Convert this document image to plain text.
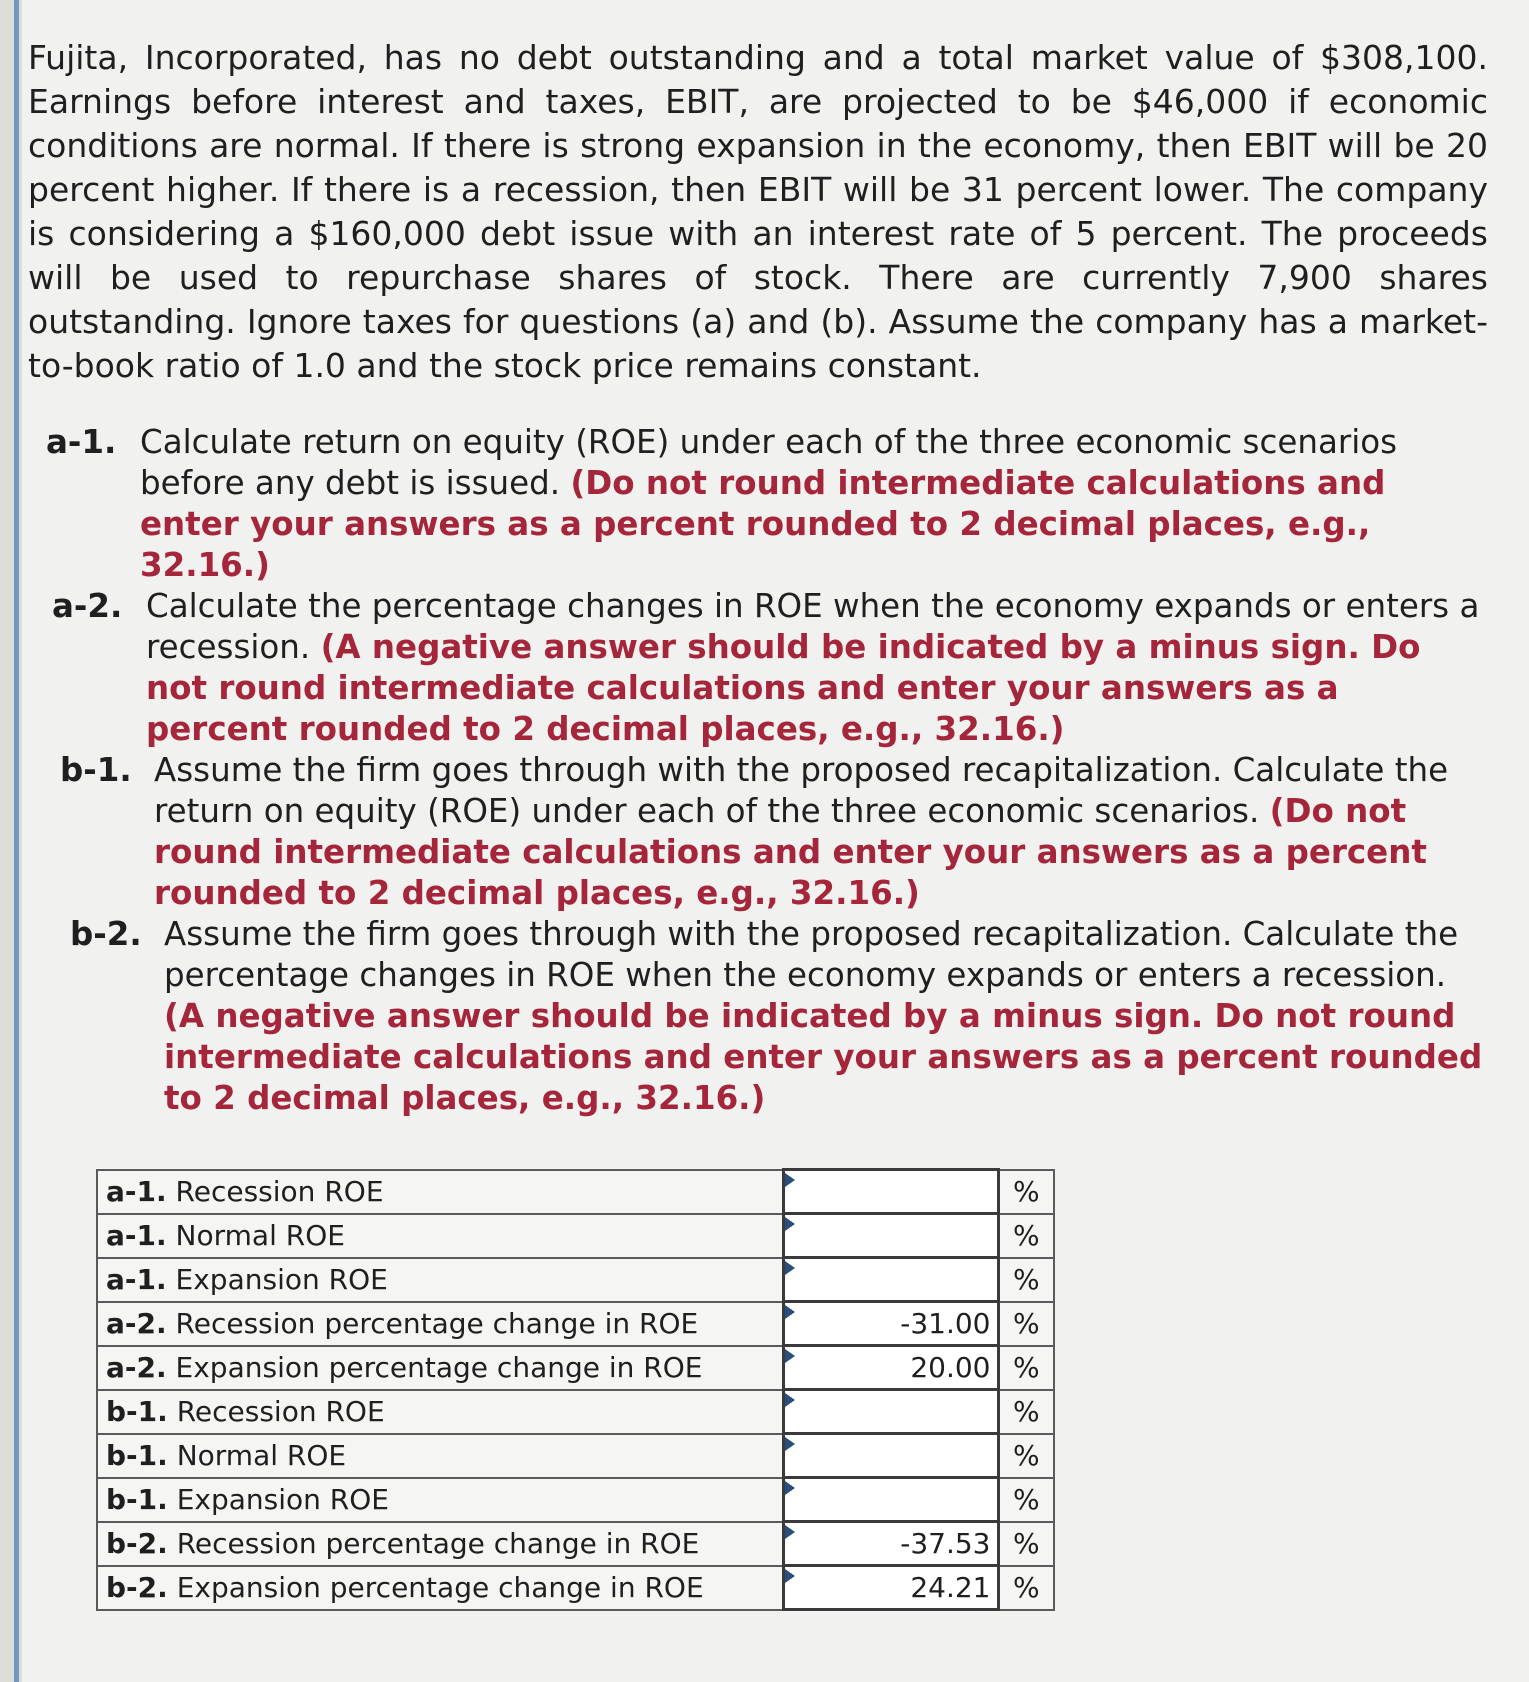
Fujita, Incorporated, has no debt outstanding and a total market value of $308,100. Earnings before interest and taxes, EBIT, are projected to be $46,000 if economic conditions are normal. If there is strong expansion in the economy, then EBIT will be 20 percent higher. If there is a recession, then EBIT will be 31 percent lower. The company is considering a $160,000 debt issue with an interest rate of 5 percent. The proceeds will be used to repurchase shares of stock. There are currently 7,900 shares outstanding. Ignore taxes for questions (a) and (b). Assume the company has a market-to-book ratio of 1.0 and the stock price remains constant.

a-1. Calculate return on equity (ROE) under each of the three economic scenarios before any debt is issued. (Do not round intermediate calculations and enter your answers as a percent rounded to 2 decimal places, e.g., 32.16.)
a-2. Calculate the percentage changes in ROE when the economy expands or enters a recession. (A negative answer should be indicated by a minus sign. Do not round intermediate calculations and enter your answers as a percent rounded to 2 decimal places, e.g., 32.16.)
b-1. Assume the firm goes through with the proposed recapitalization. Calculate the return on equity (ROE) under each of the three economic scenarios. (Do not round intermediate calculations and enter your answers as a percent rounded to 2 decimal places, e.g., 32.16.)
b-2. Assume the firm goes through with the proposed recapitalization. Calculate the percentage changes in ROE when the economy expands or enters a recession. (A negative answer should be indicated by a minus sign. Do not round intermediate calculations and enter your answers as a percent rounded to 2 decimal places, e.g., 32.16.)
a-1. Recession ROE		%
a-1. Normal ROE		%
a-1. Expansion ROE		%
a-2. Recession percentage change in ROE	-31.00	%
a-2. Expansion percentage change in ROE	20.00	%
b-1. Recession ROE		%
b-1. Normal ROE		%
b-1. Expansion ROE		%
b-2. Recession percentage change in ROE	-37.53	%
b-2. Expansion percentage change in ROE	24.21	%
